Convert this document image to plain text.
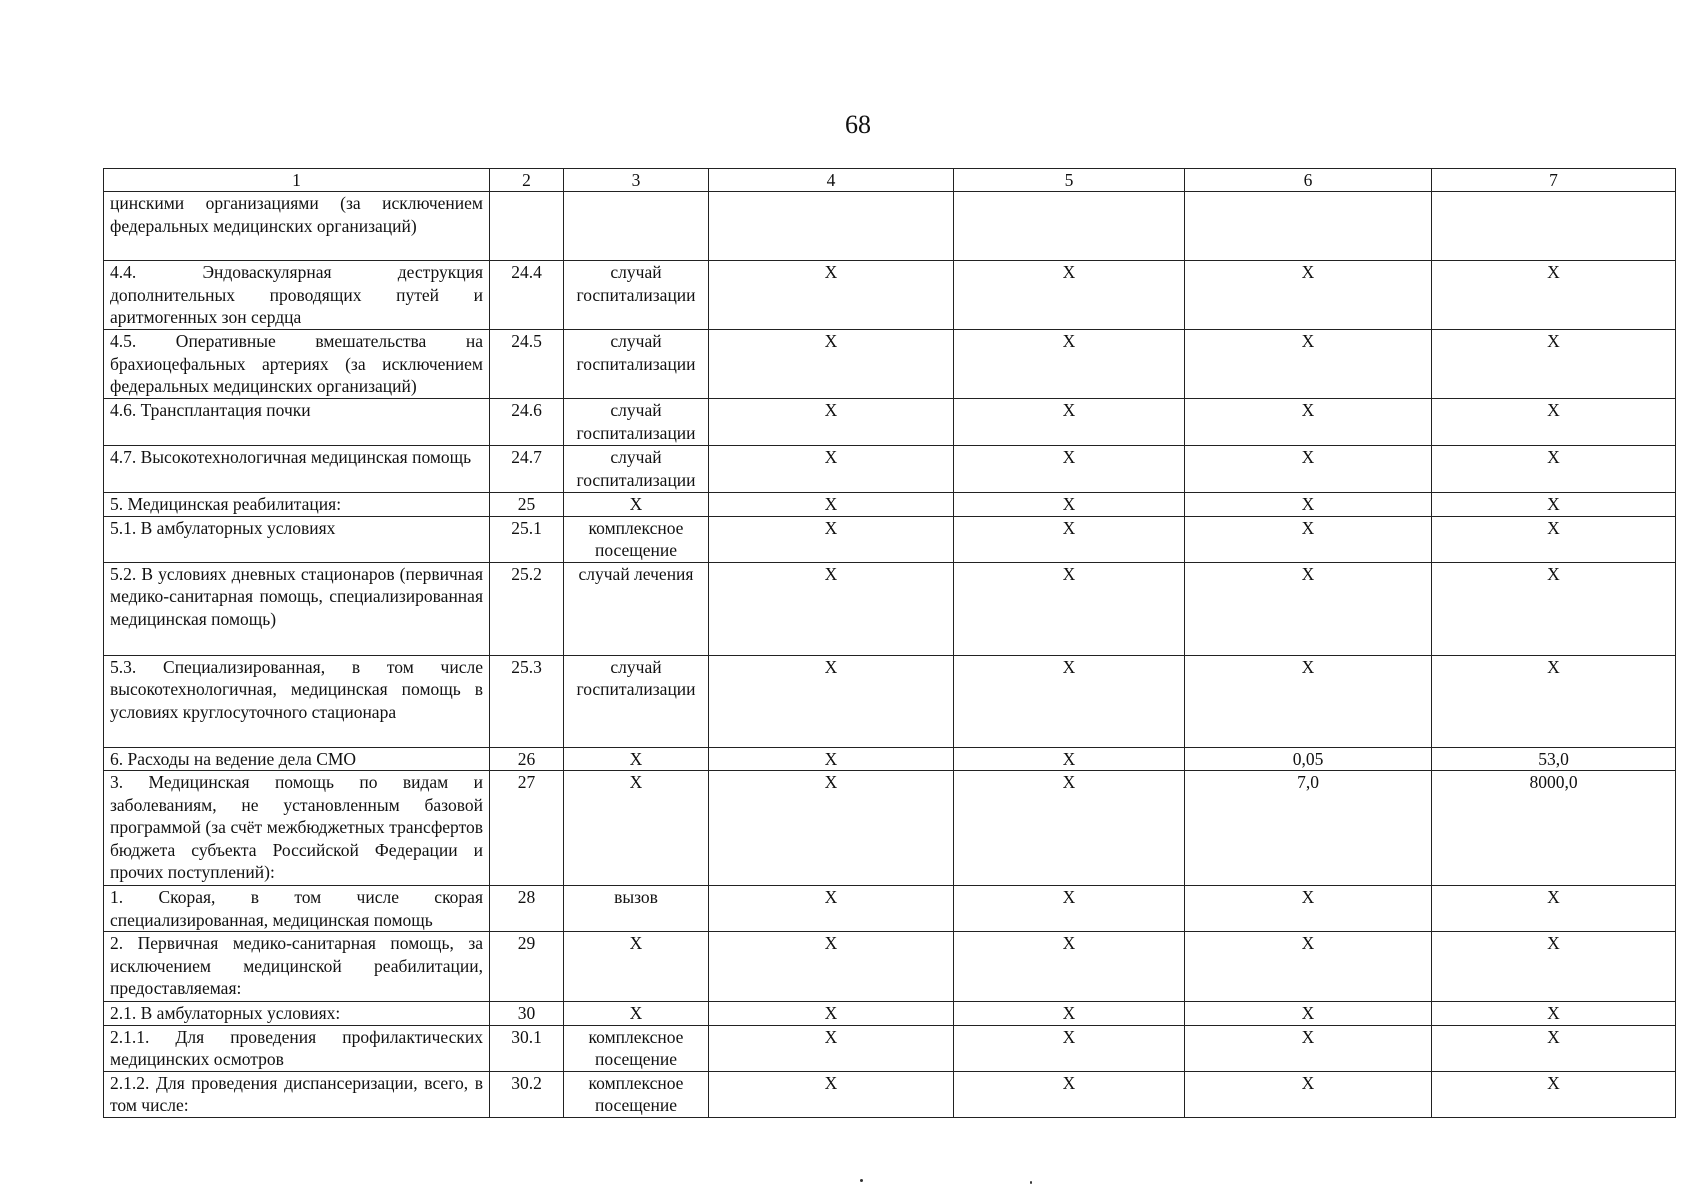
68
1	2	3	4	5	6	7
цинскими организациями (за исключением федеральных медицинских организаций)						
4.4. Эндоваскулярная деструкция дополнительных проводящих путей и аритмогенных зон сердца	24.4	случай госпитализации	Х	Х	Х	Х
4.5. Оперативные вмешательства на брахиоцефальных артериях (за исключением федеральных медицинских организаций)	24.5	случай госпитализации	Х	Х	Х	Х
4.6. Трансплантация почки	24.6	случай госпитализации	Х	Х	Х	Х
4.7. Высокотехнологичная медицинская помощь	24.7	случай госпитализации	Х	Х	Х	Х
5. Медицинская реабилитация:	25	Х	Х	Х	Х	Х
5.1. В амбулаторных условиях	25.1	комплексное посещение	Х	Х	Х	Х
5.2. В условиях дневных стационаров (первичная медико-санитарная помощь, специализированная медицинская помощь)	25.2	случай лечения	Х	Х	Х	Х
5.3. Специализированная, в том числе высокотехнологичная, медицинская помощь в условиях круглосуточного стационара	25.3	случай госпитализации	Х	Х	Х	Х
6. Расходы на ведение дела СМО	26	Х	Х	Х	0,05	53,0
3. Медицинская помощь по видам и заболеваниям, не установленным базовой программой (за счёт межбюджетных трансфертов бюджета субъекта Российской Федерации и прочих поступлений):	27	Х	Х	Х	7,0	8000,0
1. Скорая, в том числе скорая специализированная, медицинская помощь	28	вызов	Х	Х	Х	Х
2. Первичная медико-санитарная помощь, за исключением медицинской реабилитации, предоставляемая:	29	Х	Х	Х	Х	Х
2.1. В амбулаторных условиях:	30	Х	Х	Х	Х	Х
2.1.1. Для проведения профилактических медицинских осмотров	30.1	комплексное посещение	Х	Х	Х	Х
2.1.2. Для проведения диспансеризации, всего, в том числе:	30.2	комплексное посещение	Х	Х	Х	Х
